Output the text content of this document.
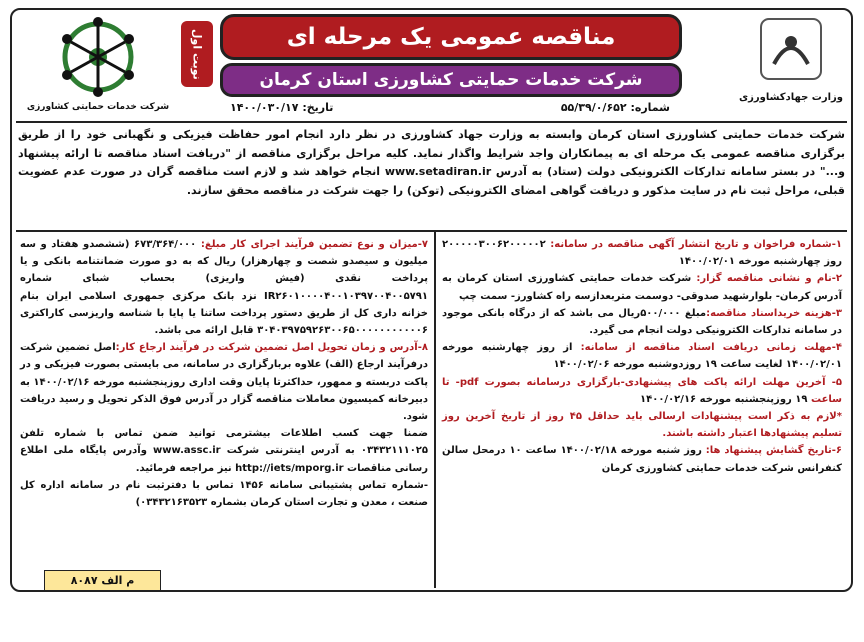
شرکت خدمات حمایتی کشاورزی
وزارت جهادکشاورزی
نوبت اول	مناقصه عمومی یک مرحله ای
شرکت خدمات حمایتی کشاورزی استان کرمان
شماره: ۵۵/۳۹/۰/۶۵۲
تاریخ: ۱۴۰۰/۰۳۰/۱۷
شرکت خدمات حمایتی کشاورزی استان کرمان وابسته به وزارت جهاد کشاورزی در نظر دارد انجام امور حفاظت فیزیکی و نگهبانی خود را از طریق برگزاری مناقصه عمومی یک مرحله ای به پیمانکاران واجد شرایط واگذار نماید. کلیه مراحل برگزاری مناقصه از "دریافت اسناد مناقصه تا ارائه پیشنهاد و..." در بستر سامانه تدارکات الکترونیکی دولت (ستاد) به آدرس www.setadiran.ir انجام خواهد شد و لازم است مناقصه گران در صورت عدم عضویت قبلی، مراحل ثبت نام در سایت مذکور و دریافت گواهی امضای الکترونیکی (توکن) را جهت شرکت در مناقصه محقق سازند.

۱-شماره فراخوان و تاریخ انتشار آگهی مناقصه در سامانه: ۲۰۰۰۰۰۳۰۰۶۲۰۰۰۰۰۲ روز چهارشنبه مورخه ۱۴۰۰/۰۲/۰۱

۲-نام و نشانی مناقصه گزار: شرکت خدمات حمایتی کشاورزی استان کرمان به آدرس کرمان- بلوارشهید صدوقی- دوسمت متربعدازسه راه کشاورز- سمت چپ

۳-هزینه خریداسناد مناقصه:مبلغ ۵۰۰/۰۰۰ریال می باشد که از درگاه بانکی موجود در سامانه تدارکات الکترونیکی دولت انجام می گیرد.

۴-مهلت زمانی دریافت اسناد مناقصه از سامانه: از روز چهارشنبه مورخه ۱۴۰۰/۰۲/۰۱ لغایت ساعت ۱۹ روزدوشنبه مورخه ۱۴۰۰/۰۲/۰۶

۵- آخرین مهلت ارائه پاکت های پیشنهادی-بارگزاری درسامانه بصورت pdf- تا ساعت ۱۹ روزپنجشنبه مورخه ۱۴۰۰/۰۲/۱۶

*لازم به ذکر است پیشنهادات ارسالی باید حداقل ۴۵ روز از تاریخ آخرین روز تسلیم پیشنهادها اعتبار داشته باشند.

۶-تاریخ گشایش پیشنهاد ها: روز شنبه مورخه ۱۴۰۰/۰۲/۱۸ ساعت ۱۰ درمحل سالن کنفرانس شرکت خدمات حمایتی کشاورزی کرمان

۷-میزان و نوع تضمین فرآیند اجرای کار مبلغ: ۶۷۳/۳۶۴/۰۰۰ (ششصدو هفتاد و سه میلیون و سیصدو شصت و چهارهزار) ریال که به دو صورت ضمانتنامه بانکی و یا پرداخت نقدی (فیش واریزی) بحساب شبای شماره IR۲۶۰۱۰۰۰۰۴۰۰۱۰۳۹۷۰۰۴۰۰۵۷۹۱ نزد بانک مرکزی جمهوری اسلامی ایران بنام خزانه داری کل از طریق دستور پرداخت ساتنا یا پایا با شناسه واریزسی کاراکتری ۳۰۴۰۳۹۷۵۹۲۶۳۰۰۶۵۰۰۰۰۰۰۰۰۰۰۰۶ قابل ارائه می باشد.

۸-آدرس و زمان تحویل اصل تضمین شرکت در فرآیند ارجاع کار:اصل تضمین شرکت درفرآیند ارجاع (الف) علاوه بربارگزاری در سامانه، می بایستی بصورت فیزیکی و در پاکت دربسته و ممهور، حداکثرتا پایان وقت اداری روزپنجشنبه مورخه ۱۴۰۰/۰۲/۱۶ به دبیرخانه کمیسیون معاملات مناقصه گزار در آدرس فوق الذکر تحویل و رسید دریافت شود.

ضمنا جهت کسب اطلاعات بیشترمی توانید ضمن تماس با شماره تلفن ۰۳۴۳۲۱۱۱۰۲۵ به آدرس اینترنتی شرکت www.assc.ir وآدرس پایگاه ملی اطلاع رسانی مناقصات http://iets/mporg.ir نیز مراجعه فرمائید.

-شماره تماس پشتیبانی سامانه ۱۴۵۶ تماس با دفترثبت نام در سامانه اداره کل صنعت ، معدن و تجارت استان کرمان بشماره ۰۳۴۳۲۱۶۳۵۲۳)

م الف ۸۰۸۷
